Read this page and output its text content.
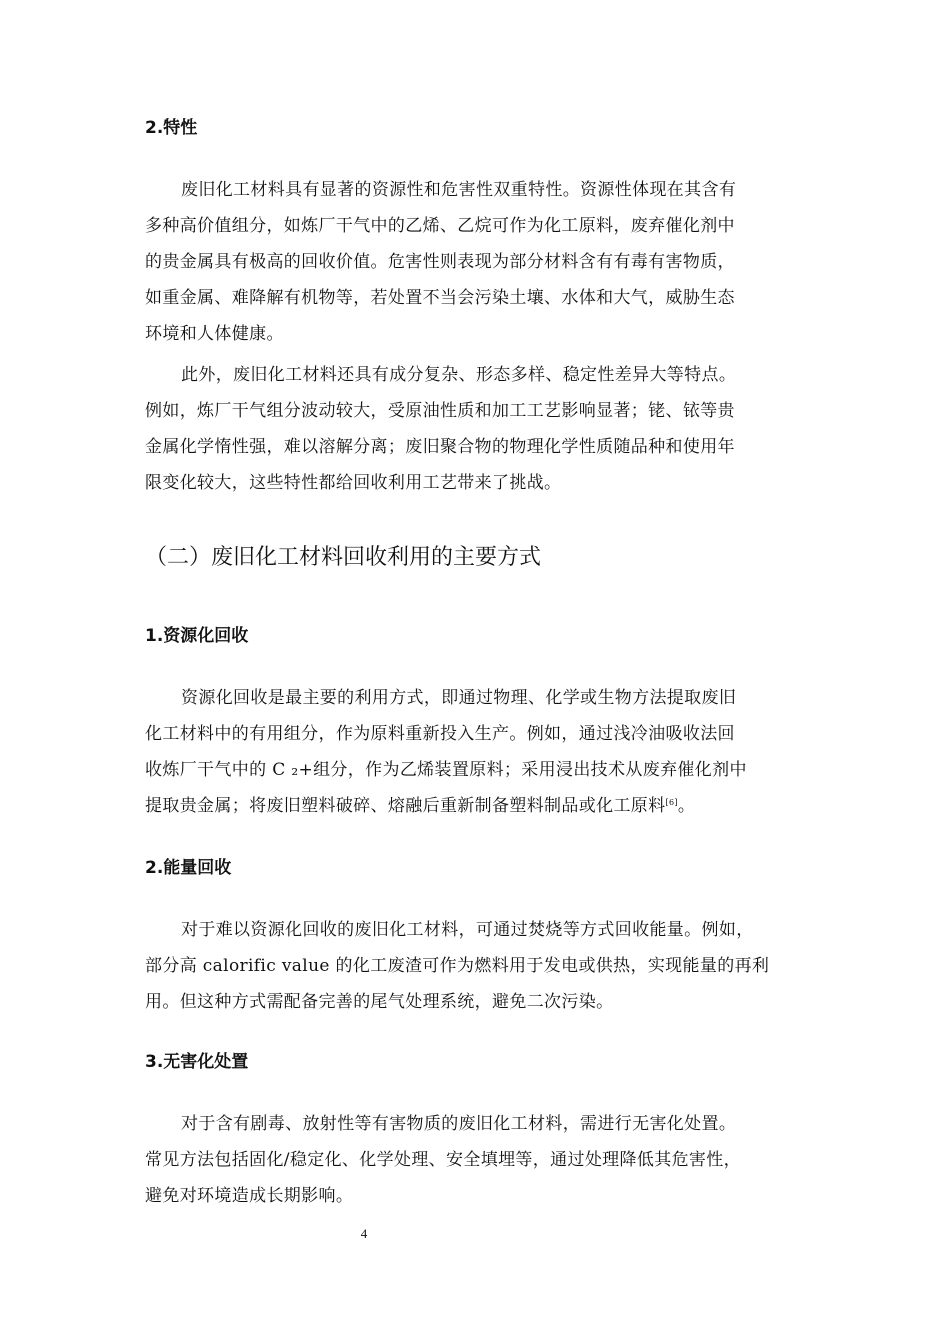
2.特性
废旧化工材料具有显著的资源性和危害性双重特性。资源性体现在其含有
多种高价值组分，如炼厂干气中的乙烯、乙烷可作为化工原料，废弃催化剂中
的贵金属具有极高的回收价值。危害性则表现为部分材料含有有毒有害物质，
如重金属、难降解有机物等，若处置不当会污染土壤、水体和大气，威胁生态
环境和人体健康。
此外，废旧化工材料还具有成分复杂、形态多样、稳定性差异大等特点。
例如，炼厂干气组分波动较大，受原油性质和加工工艺影响显著；铑、铱等贵
金属化学惰性强，难以溶解分离；废旧聚合物的物理化学性质随品种和使用年
限变化较大，这些特性都给回收利用工艺带来了挑战。
（二）废旧化工材料回收利用的主要方式
1.资源化回收
资源化回收是最主要的利用方式，即通过物理、化学或生物方法提取废旧
化工材料中的有用组分，作为原料重新投入生产。例如，通过浅冷油吸收法回
收炼厂干气中的 C ₂+组分，作为乙烯装置原料；采用浸出技术从废弃催化剂中
提取贵金属；将废旧塑料破碎、熔融后重新制备塑料制品或化工原料[6]。
2.能量回收
对于难以资源化回收的废旧化工材料，可通过焚烧等方式回收能量。例如，
部分高 calorific value 的化工废渣可作为燃料用于发电或供热，实现能量的再利
用。但这种方式需配备完善的尾气处理系统，避免二次污染。
3.无害化处置
对于含有剧毒、放射性等有害物质的废旧化工材料，需进行无害化处置。
常见方法包括固化/稳定化、化学处理、安全填埋等，通过处理降低其危害性，
避免对环境造成长期影响。
4
